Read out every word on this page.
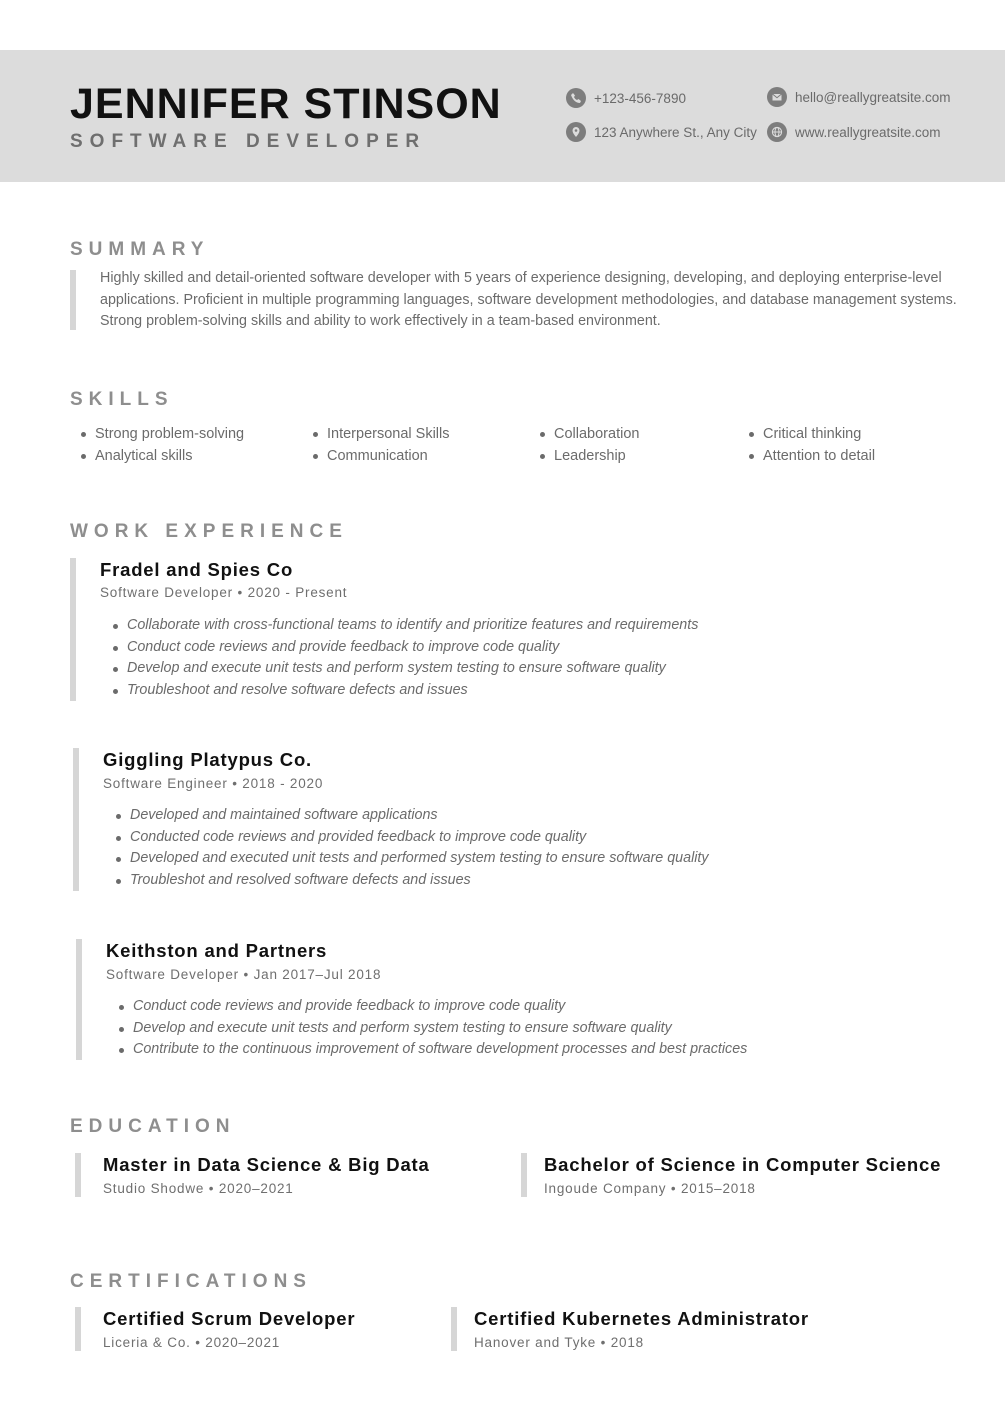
JENNIFER STINSON
SOFTWARE DEVELOPER
+123-456-7890
123 Anywhere St., Any City
hello@reallygreatsite.com
www.reallygreatsite.com
SUMMARY

Highly skilled and detail-oriented software developer with 5 years of experience designing, developing, and deploying enterprise-level applications. Proficient in multiple programming languages, software development methodologies, and database management systems. Strong problem-solving skills and ability to work effectively in a team-based environment.

SKILLS
Strong problem-solving
Analytical skills
Interpersonal Skills
Communication
Collaboration
Leadership
Critical thinking
Attention to detail
WORK EXPERIENCE
Fradel and Spies Co
Software Developer • 2020 - Present
Collaborate with cross-functional teams to identify and prioritize features and requirements
Conduct code reviews and provide feedback to improve code quality
Develop and execute unit tests and perform system testing to ensure software quality
Troubleshoot and resolve software defects and issues
Giggling Platypus Co.
Software Engineer • 2018 - 2020
Developed and maintained software applications
Conducted code reviews and provided feedback to improve code quality
Developed and executed unit tests and performed system testing to ensure software quality
Troubleshot and resolved software defects and issues
Keithston and Partners
Software Developer • Jan 2017–Jul 2018
Conduct code reviews and provide feedback to improve code quality
Develop and execute unit tests and perform system testing to ensure software quality
Contribute to the continuous improvement of software development processes and best practices
EDUCATION
Master in Data Science & Big Data
Studio Shodwe • 2020–2021
Bachelor of Science in Computer Science
Ingoude Company • 2015–2018
CERTIFICATIONS
Certified Scrum Developer
Liceria & Co. • 2020–2021
Certified Kubernetes Administrator
Hanover and Tyke • 2018
